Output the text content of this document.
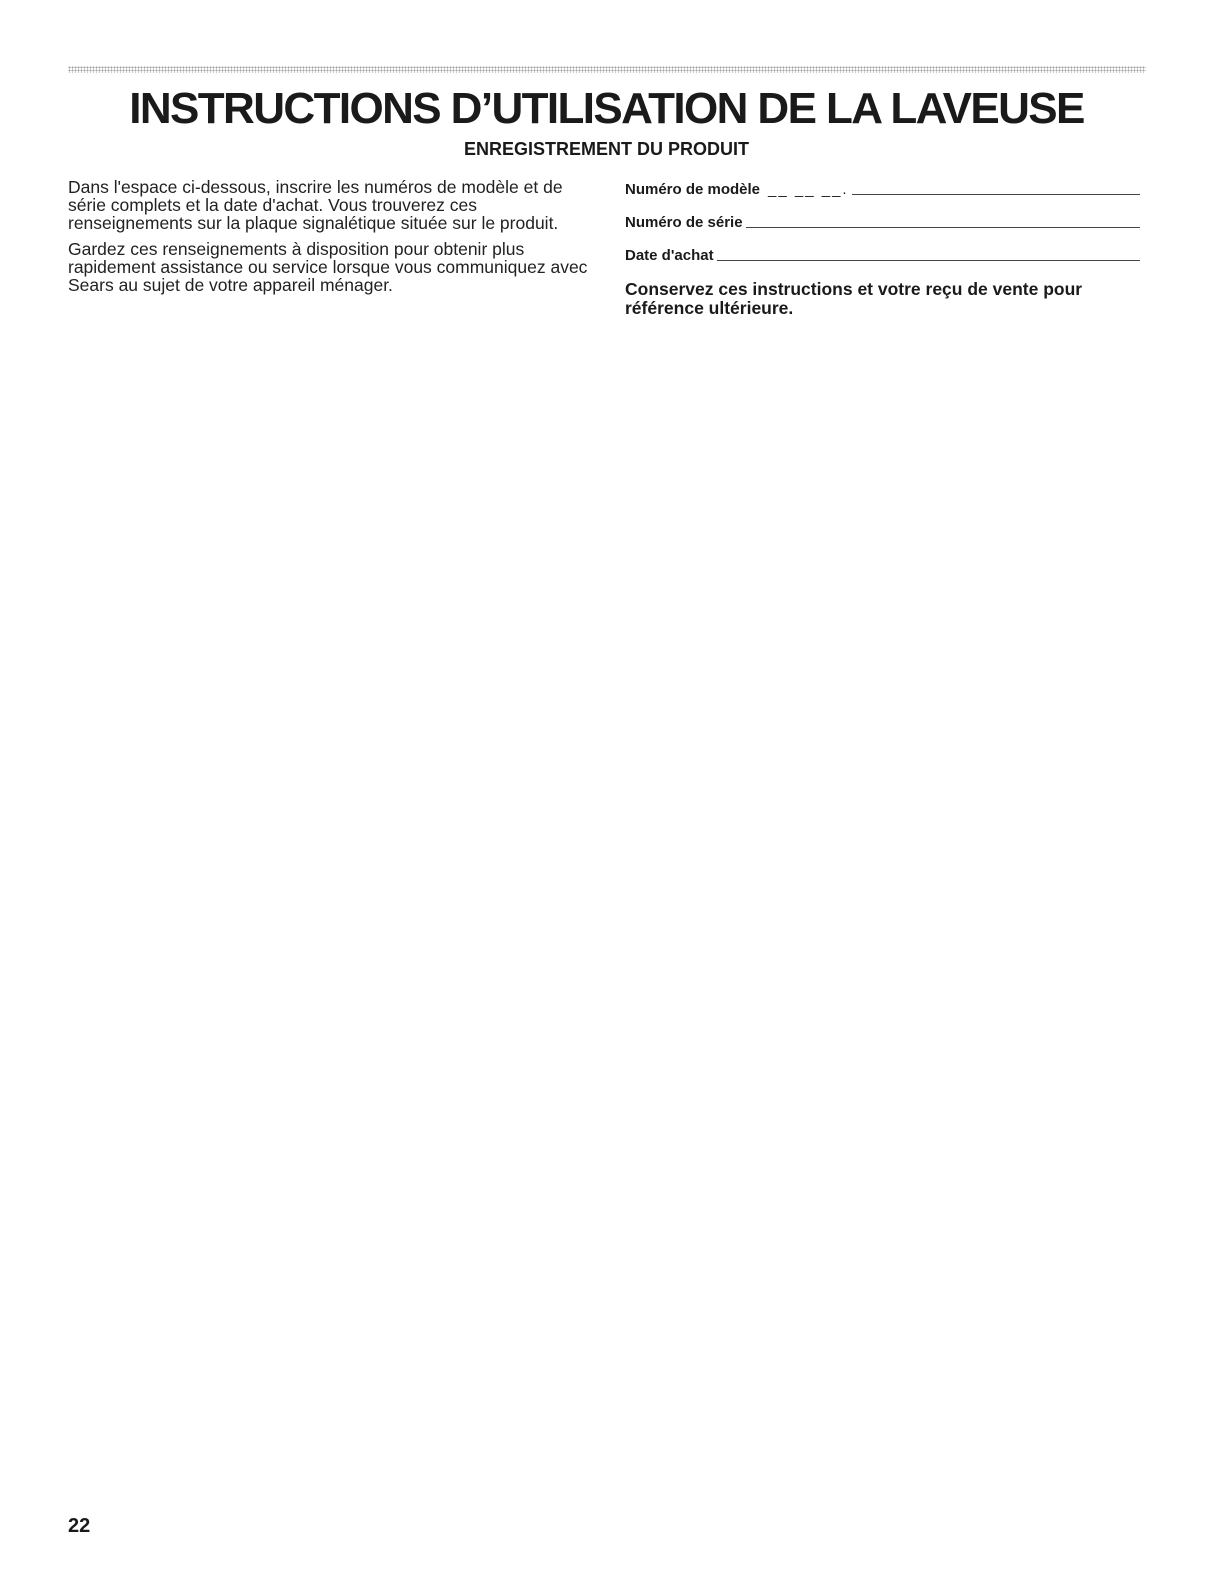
INSTRUCTIONS D’UTILISATION DE LA LAVEUSE
ENREGISTREMENT DU PRODUIT

Dans l'espace ci-dessous, inscrire les numéros de modèle et de série complets et la date d'achat. Vous trouverez ces renseignements sur la plaque signalétique située sur le produit.

Gardez ces renseignements à disposition pour obtenir plus rapidement assistance ou service lorsque vous communiquez avec Sears au sujet de votre appareil ménager.

Numéro de modèle __ __ __.
Numéro de série
Date d'achat

Conservez ces instructions et votre reçu de vente pour référence ultérieure.

22
